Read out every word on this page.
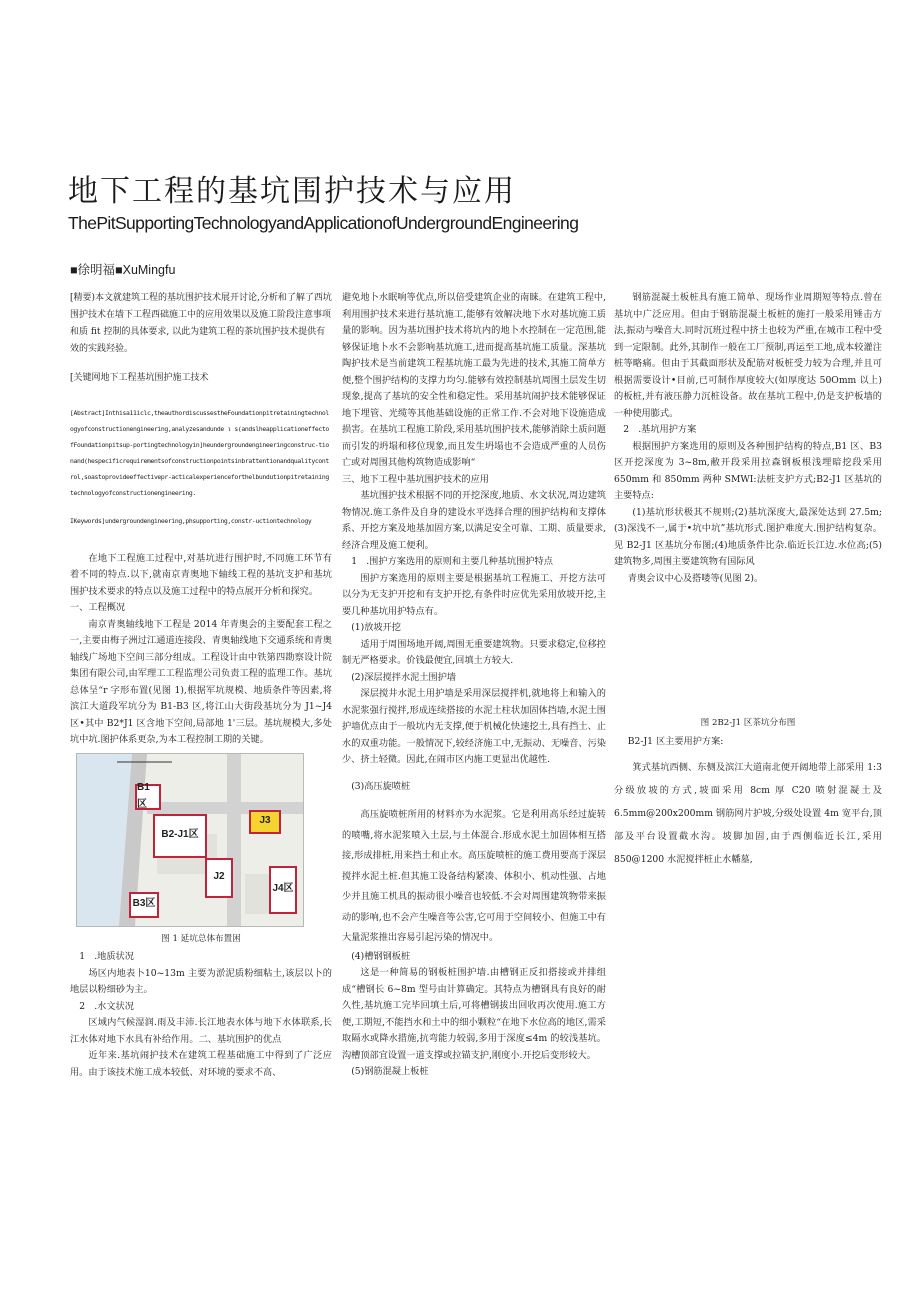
地下工程的基坑围护技术与应用
ThePitSupportingTechnologyandApplicationofUndergroundEngineering
■徐明福■XuMingfu

[精要)本文就建筑工程的基坑围护技术展开讨论,分析和了解了西坑围护技术在墙下工程西础施工中的应用效果以及施工阶段注意事项和质 fit 控制的具体要求, 以此为建筑工程的茶坑围护技术提供有效的实践羟验。

[关键网地下工程基坑围护施工技术

[Abstract]Inthisa11iclc,theauthordiscussestheFoundationpitretainingtechnologyofconstructionengineering,analyzesandunde ι s(andslheapplicationeffectofFoundationpitsup-portingtechnologyin]heundergroundengineeringconstruc-tionand(hespecificrequirementsofconstructionpointsinbrattentionandqualitycontrol,soastoprovideeffectivepr-acticalexperienceforthelbundutionpitretainingtechnologyofconstructionengineering.

IKeywords]undergroundengineering,phsupporting,constr-uctiontechnology

在地下工程施工过程中,对基坑进行围护时,不同施工环节有着不同的特点.以下,就南京青奥地下轴线工程的基坑支护和基坑围护技术要求的特点以及施工过程中的特点展开分析和探究。

一、工程概况

南京青奥轴线地下工程是 2014 年青奥会的主要配套工程之一,主要由梅子洲过江通道连接段、青奥轴线地下交通系统和青奥轴线广场地下空间三部分组成。工程设计由中铁第四勘察设计院集团有限公司,由军理工工程监理公司负责工程的监理工作。基坑总体呈“r 字形布置(见图 1),根据军坑规模、地质条件等因素,将滨江大道段军坑分为 B1-B3 区,将江山大街段基坑分为 J1~J4 区•其中 B2*J1 区含地下空间,局部地 1'三层。基坑规模大,多处坑中坑.图护体系更杂,为本工程控制工期的关键。

B1区
B2-J1区
B3区
J2
J3
J4区

图 1 延坑总体布置困

1　.地质状况

场区内地表卜10~13m 主要为淤泥质粉细粘土,该层以卜的地层以粉细砂为主。

2　.水文状况

区域内气候湿润.雨及丰沛.长江地表水体与地下水体联系,长江水体对地下水具有补给作用。二、基坑围护的优点

近年来.基坑闹护技术在建筑工程基础施工中得到了广泛应用。由于该技术施工成本较低、对环境的要求不高、

避免地卜水眠响等优点,所以倍受建筑企业的南睐。在建筑工程中,利用围护技术来进行基坑施工,能够有效解决地下水对基坑施工质量的影响。因为基坑围护技术将坑内的地卜水控制在一定范围,能够保证地卜水不会影响基坑施工,进而提高基坑施工质量。深基坑陶护技术是当前建筑工程基坑施工最为先进的技术,其施工简单方便,整个围护结构的支撑力均匀.能够有效控制基坑周围土层发生切现象,提高了基坑的安全性和稳定性。采用基坑闹护技术能够保证地下埋管、光缆等其他基础设施的正常工作.不会对地下设施造成损害。在基坑工程施工阶段,采用基坑围护技术,能够消除土质问题而引发的坍塌和移位现象,而且发生坍塌也不会造成严重的人员伤亡或对周围其他构筑物造成影响“

三、地下工程中基坑围护技术的应用

基坑围护技术根据不同的开挖深度,地质、水文状况,周边建筑物情况.施工条件及自身的建设水平选择合理的围护结构和支撑体系、开挖方案及地基加固方案,以满足安全可靠、工期、质量要求,经济合理及施工便利。

1　.围护方案选用的原则和主要几种基坑围护特点

围护方案选用的原则主要是根据基坑工程施工、开挖方法可以分为无支护开挖和有支护开挖,有条件时应优先采用放坡开挖,主要几种基坑用护特点有。

(1)放坡开挖

适用于周围场地开阔,周围无重要建筑物。只要求稳定,位移控制无严格要求。价钱最便宜,回填土方较大.

(2)深层搅拌水泥土围护墙

深层搅井水泥土用护墙是采用深层搅拌机,就地将上和输入的水泥浆强行搅拌,形成连续搭接的水泥土柱状加固体挡墙,水泥土围护墙优点由于一般坑内无支撑,便于机械化快速挖土,具有挡土、止水的双重功能。一般情况下,较经济施工中,无振动、无噪音、污染少、挤土轻微。因此,在闹市区内施工更显出优越性.

(3)高压旋喷桩

高压旋喷桩所用的材料亦为水泥浆。它是利用高乐经过旋转的喷嘴,将水泥浆喷入土层,与土体混合.形成水泥土加固体相互搭接,形成排桩,用来挡土和止水。高压旋喷桩的施工费用要高于深层搅拌水泥土桩.但其施工设备结构紧凑、体积小、机动性强、占地少并且施工机具的振动很小噪音也较低.不会对周围建筑物带来振动的影响,也不会产生噪音等公害,它可用于空间较小、但施工中有大量泥浆推出容易引起污染的情况中。

(4)槽钢钢板桩

这是一种简易的钢板桩围护墙.由槽钢正反扣搭接或并排组成“槽钢长 6~8m 型号由计算确定。其特点为槽钢具有良好的耐久性,基坑施工完毕回填土后,可将槽钢拔出回收再次使用.施工方便,工期短,不能挡水和土中的细小颗粒“在地下水位高的地区,需采取隔水或降水措施,抗弯能力较弱,多用于深度≤4m 的较浅基坑。沟槽顶部宜设置一道支撑或拉锚支护,刚度小.开挖后变形较大。

(5)钢筋混凝上板桩

钢筋混凝土板桩具有施工简单、现场作业周期短等特点.曾在基坑中广泛应用。但由于钢筋混凝土板桩的施打一般采用锤击方法,振动与噪音大.同时沉班过程中挤土也较为严重,在城市工程中受到一定限制。此外,其制作一般在工厂预制,再运至工地,成本较灌注桩等略痛。但由于其截面形状及配筋对板桩受力较为合理,并且可根据需要设计•目前,已可制作厚度较大(如厚度达 50Omm 以上)的板桩,并有液压静力沉桩设备。故在基坑工程中,仍是支护板墙的一种使用膨式。

2　.基坑用护方案

根据围护方案选用的原则及各种围护结构的特点,B1 区、B3 区开挖深度为 3~8m,敝开段采用拉森钢板根浅埋暗挖段采用 650mm 和 850mm 两种 SMWI:法桩支护方式;B2-J1 区基坑的主要特点:

(1)基坑形状极其不规则;(2)基坑深度大,最深处达到 27.5m;(3)深浅不一,属于•坑中坑”基坑形式.图护难度大.围护结构复杂。见 B2-J1 区基坑分布图;(4)地质条件比杂.临近长江边.水位高;(5)建筑物多,周围主要建筑物有国际风

青奥会议中心及搭喽等(见图 2)。

图 2B2-J1 区茶坑分布图

B2-J1 区主要用护方案:

箕式基坑西侧、东侧及滨江大道南北便开阔地带上部采用 1:3 分级放坡的方式,坡面采用 8cm 厚 C20 喷射混凝土及 6.5mm@200x200mm 钢筋网片护坡,分级处设置 4m 宽平台,顶部及平台设置截水沟。坡脚加固,由于西侧临近长江,采用 850@1200 水泥搅拌桩止水幡墓,
